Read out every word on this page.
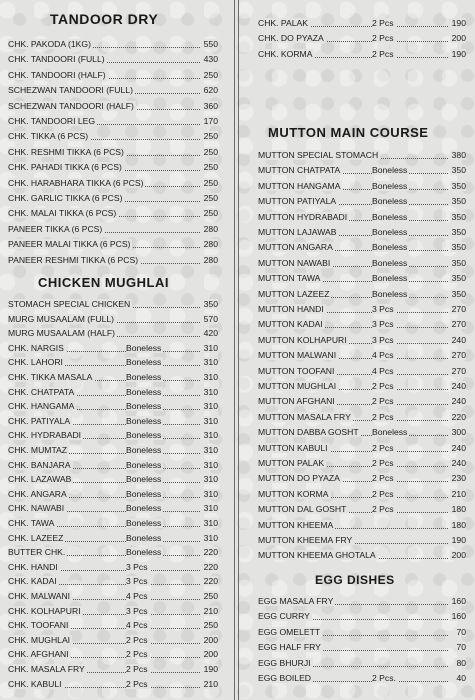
TANDOOR DRY
CHK. PAKODA (1KG)	550
CHK. TANDOORI (FULL)	430
CHK. TANDOORI (HALF)	250
SCHEZWAN TANDOORI (FULL)	620
SCHEZWAN TANDOORI (HALF)	360
CHK. TANDOORI LEG	170
CHK. TIKKA (6 PCS)	250
CHK. RESHMI TIKKA (6 PCS)	250
CHK. PAHADI TIKKA (6 PCS)	250
CHK. HARABHARA TIKKA (6 PCS)	250
CHK. GARLIC TIKKA (6 PCS)	250
CHK. MALAI TIKKA (6 PCS)	250
PANEER TIKKA (6 PCS)	280
PANEER MALAI TIKKA (6 PCS)	280
PANEER RESHMI TIKKA (6 PCS)	280
CHICKEN MUGHLAI
STOMACH SPECIAL CHICKEN	350
MURG MUSAALAM (FULL)	570
MURG MUSAALAM (HALF)	420
CHK. NARGIS	Boneless	310
CHK. LAHORI	Boneless	310
CHK. TIKKA MASALA	Boneless	310
CHK. CHATPATA	Boneless	310
CHK. HANGAMA	Boneless	310
CHK. PATIYALA	Boneless	310
CHK. HYDRABADI	Boneless	310
CHK. MUMTAZ	Boneless	310
CHK. BANJARA	Boneless	310
CHK. LAZAWAB	Boneless	310
CHK. ANGARA	Boneless	310
CHK. NAWABI	Boneless	310
CHK. TAWA	Boneless	310
CHK. LAZEEZ	Boneless	310
BUTTER CHK.	Boneless	220
CHK. HANDI	3 Pcs	220
CHK. KADAI	3 Pcs	220
CHK. MALWANI	4 Pcs	250
CHK. KOLHAPURI	3 Pcs	210
CHK. TOOFANI	4 Pcs	250
CHK. MUGHLAI	2 Pcs	200
CHK. AFGHANI	2 Pcs	200
CHK. MASALA FRY	2 Pcs	190
CHK. KABULI	2 Pcs	210
CHK. PALAK	2 Pcs	190
CHK. DO PYAZA	2 Pcs	200
CHK. KORMA	2 Pcs	190
MUTTON MAIN COURSE
MUTTON SPECIAL STOMACH	380
MUTTON CHATPATA	Boneless	350
MUTTON HANGAMA	Boneless	350
MUTTON PATIYALA	Boneless	350
MUTTON HYDRABADI	Boneless	350
MUTTON LAJAWAB	Boneless	350
MUTTON ANGARA	Boneless	350
MUTTON NAWABI	Boneless	350
MUTTON TAWA	Boneless	350
MUTTON LAZEEZ	Boneless	350
MUTTON HANDI	3 Pcs	270
MUTTON KADAI	3 Pcs	270
MUTTON KOLHAPURI	3 Pcs	240
MUTTON MALWANI	4 Pcs	270
MUTTON TOOFANI	4 Pcs	270
MUTTON MUGHLAI	2 Pcs	240
MUTTON AFGHANI	2 Pcs	240
MUTTON MASALA FRY 2 Pcs	220
MUTTON DABBA GOSHT Boneless	300
MUTTON KABULI	2 Pcs	240
MUTTON PALAK	2 Pcs	240
MUTTON DO PYAZA	2 Pcs	230
MUTTON KORMA	2 Pcs	210
MUTTON DAL GOSHT	2 Pcs	180
MUTTON KHEEMA	180
MUTTON KHEEMA FRY	190
MUTTON KHEEMA GHOTALA	200
EGG DISHES
EGG MASALA FRY	160
EGG CURRY	160
EGG OMELETT	70
EGG HALF FRY	70
EGG BHURJI	80
EGG BOILED	2 Pcs.	40
